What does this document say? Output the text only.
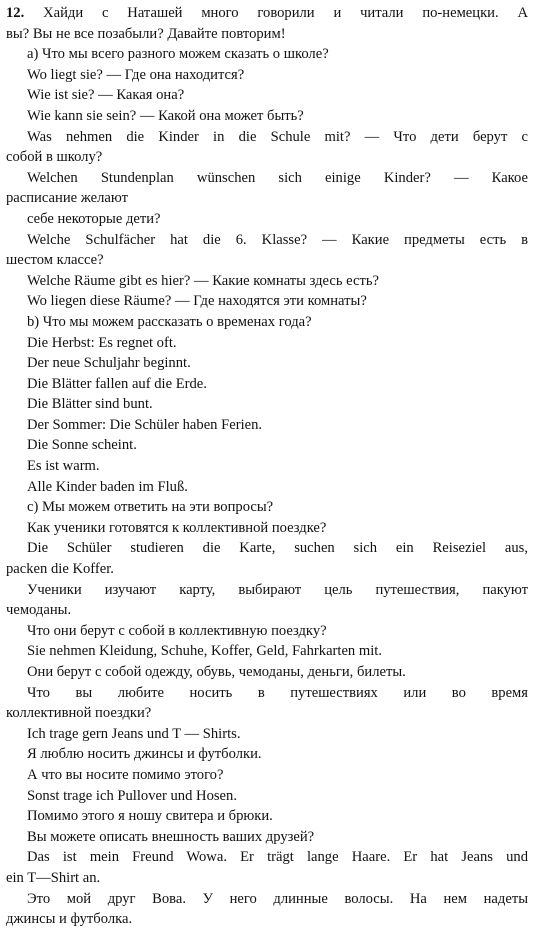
12. Хайди с Наташей много говорили и читали по-немецки. А
вы? Вы не все позабыли? Давайте повторим!
а) Что мы всего разного можем сказать о школе?
Wo liegt sie? — Где она находится?
Wie ist sie? — Какая она?
Wie kann sie sein? — Какой она может быть?
Was nehmen die Kinder in die Schule mit? — Что дети берут с
собой в школу?
Welchen Stundenplan wünschen sich einige Kinder? — Какое
расписание желают
себе некоторые дети?
Welche Schulfächer hat die 6. Klasse? — Какие предметы есть в
шестом классе?
Welche Räume gibt es hier? — Какие комнаты здесь есть?
Wo liegen diese Räume? — Где находятся эти комнаты?
b) Что мы можем рассказать о временах года?
Die Herbst: Es regnet oft.
Der neue Schuljahr beginnt.
Die Blätter fallen auf die Erde.
Die Blätter sind bunt.
Der Sommer: Die Schüler haben Ferien.
Die Sonne scheint.
Es ist warm.
Alle Kinder baden im Fluß.
с) Мы можем ответить на эти вопросы?
Как ученики готовятся к коллективной поездке?
Die Schüler studieren die Karte, suchen sich ein Reiseziel aus,
packen die Koffer.
Ученики изучают карту, выбирают цель путешествия, пакуют
чемоданы.
Что они берут с собой в коллективную поездку?
Sie nehmen Kleidung, Schuhe, Koffer, Geld, Fahrkarten mit.
Они берут с собой одежду, обувь, чемоданы, деньги, билеты.
Что вы любите носить в путешествиях или во время
коллективной поездки?
Ich trage gern Jeans und T — Shirts.
Я люблю носить джинсы и футболки.
А что вы носите помимо этого?
Sonst trage ich Pullover und Hosen.
Помимо этого я ношу свитера и брюки.
Вы можете описать внешность ваших друзей?
Das ist mein Freund Wowa. Er trägt lange Haare. Er hat Jeans und
ein T—Shirt an.
Это мой друг Вова. У него длинные волосы. На нем надеты
джинсы и футболка.
